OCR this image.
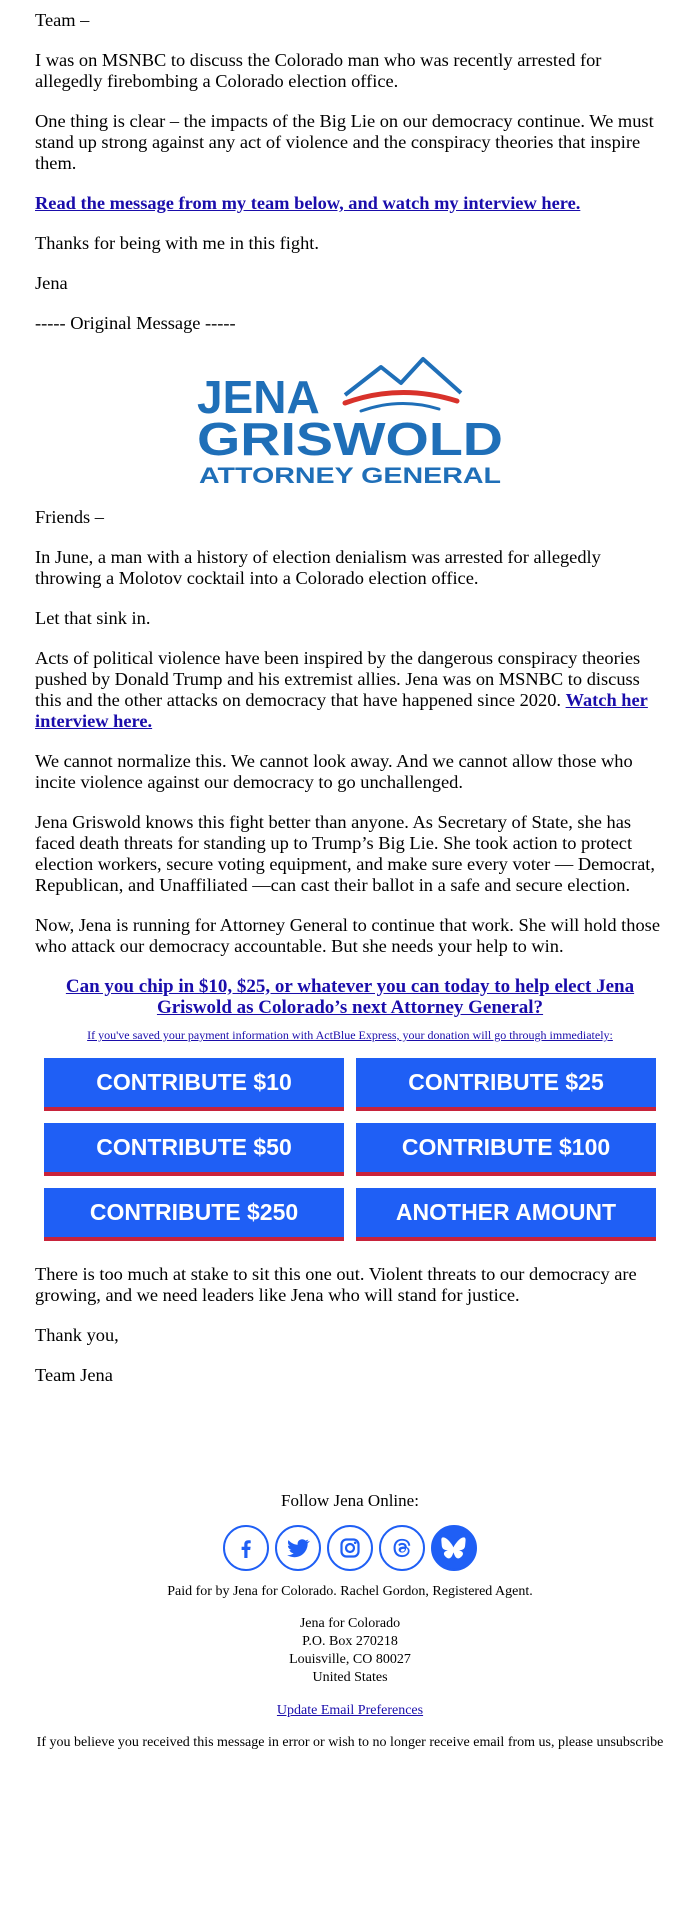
Team –

I was on MSNBC to discuss the Colorado man who was recently arrested for allegedly firebombing a Colorado election office.

One thing is clear – the impacts of the Big Lie on our democracy continue. We must stand up strong against any act of violence and the conspiracy theories that inspire them.

Read the message from my team below, and watch my interview here.

Thanks for being with me in this fight.

Jena

----- Original Message -----

JENA
GRISWOLD
ATTORNEY GENERAL

Friends –

In June, a man with a history of election denialism was arrested for allegedly throwing a Molotov cocktail into a Colorado election office.

Let that sink in.

Acts of political violence have been inspired by the dangerous conspiracy theories pushed by Donald Trump and his extremist allies. Jena was on MSNBC to discuss this and the other attacks on democracy that have happened since 2020. Watch her interview here.

We cannot normalize this. We cannot look away. And we cannot allow those who incite violence against our democracy to go unchallenged.

Jena Griswold knows this fight better than anyone. As Secretary of State, she has faced death threats for standing up to Trump’s Big Lie. She took action to protect election workers, secure voting equipment, and make sure every voter — Democrat, Republican, and Unaffiliated —can cast their ballot in a safe and secure election.

Now, Jena is running for Attorney General to continue that work. She will hold those who attack our democracy accountable. But she needs your help to win.

Can you chip in $10, $25, or whatever you can today to help elect Jena Griswold as Colorado’s next Attorney General?
If you've saved your payment information with ActBlue Express, your donation will go through immediately:
CONTRIBUTE $10	CONTRIBUTE $25
CONTRIBUTE $50	CONTRIBUTE $100
CONTRIBUTE $250	ANOTHER AMOUNT

There is too much at stake to sit this one out. Violent threats to our democracy are growing, and we need leaders like Jena who will stand for justice.

Thank you,

Team Jena

Follow Jena Online:
Paid for by Jena for Colorado. Rachel Gordon, Registered Agent.
Jena for Colorado
P.O. Box 270218
Louisville, CO 80027
United States
Update Email Preferences
If you believe you received this message in error or wish to no longer receive email from us, please unsubscribe
